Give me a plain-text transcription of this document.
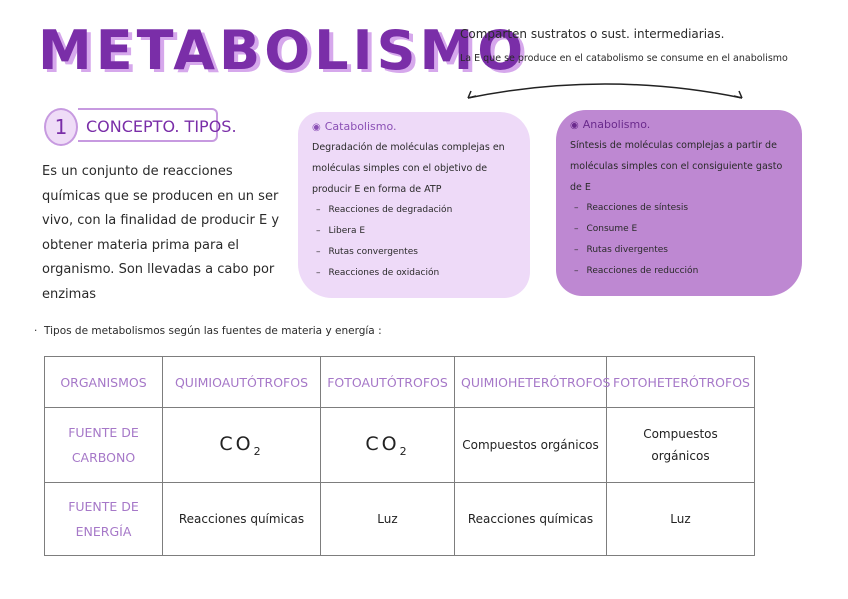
METABOLISMO
Comparten sustratos o sust. intermediarias.
La E que se produce en el catabolismo se consume en el anabolismo
1	CONCEPTO. TIPOS.
Es un conjunto de reacciones químicas que se producen en un ser vivo, con la finalidad de producir E y obtener materia prima para el organismo. Son llevadas a cabo por enzimas
◉ Catabolismo.
Degradación de moléculas complejas en moléculas simples con el objetivo de producir E en forma de ATP
– Reacciones de degradación
– Libera E
– Rutas convergentes
– Reacciones de oxidación
◉ Anabolismo.
Síntesis de moléculas complejas a partir de moléculas simples con el consiguiente gasto de E
– Reacciones de síntesis
– Consume E
– Rutas divergentes
– Reacciones de reducción
· Tipos de metabolismos según las fuentes de materia y energía :
ORGANISMOS	QUIMIOAUTÓTROFOS	FOTOAUTÓTROFOS	QUIMIOHETERÓTROFOS	FOTOHETERÓTROFOS
FUENTE DE CARBONO	$CO_2$	$CO_2$	Compuestos orgánicos	Compuestos orgánicos
FUENTE DE ENERGÍA	Reacciones químicas	Luz	Reacciones químicas	Luz
